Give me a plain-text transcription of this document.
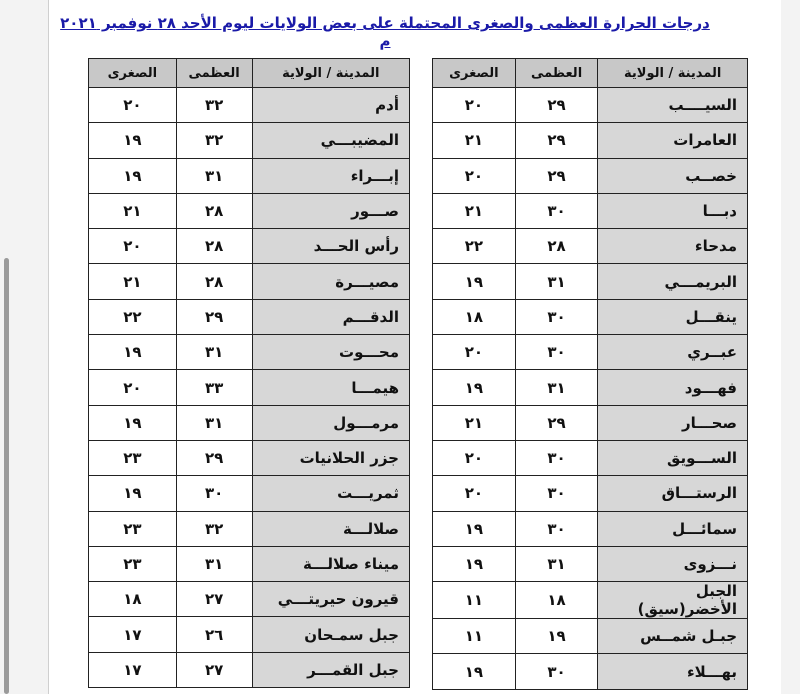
درجات الحرارة العظمى والصغرى المحتملة على بعض الولايات ليوم الأحد ٢٨ نوفمبر ٢٠٢١ م
المدينة / الولاية	العظمى	الصغرى
السيــــب	٢٩	٢٠
العامرات	٢٩	٢١
خصــب	٢٩	٢٠
دبـــا	٣٠	٢١
مدحاء	٢٨	٢٢
البريمـــي	٣١	١٩
ينقـــل	٣٠	١٨
عبــري	٣٠	٢٠
فهـــود	٣١	١٩
صحـــار	٢٩	٢١
الســـويق	٣٠	٢٠
الرستـــاق	٣٠	٢٠
سمائـــل	٣٠	١٩
نـــزوى	٣١	١٩
الجبل الأخضر(سيق)	١٨	١١
جبـل شمــس	١٩	١١
بهـــلاء	٣٠	١٩
المدينة / الولاية	العظمى	الصغرى
أدم	٣٢	٢٠
المضيبـــي	٣٢	١٩
إبـــراء	٣١	١٩
صـــور	٢٨	٢١
رأس الحـــد	٢٨	٢٠
مصيـــرة	٢٨	٢١
الدقـــم	٢٩	٢٢
محـــوت	٣١	١٩
هيمـــا	٣٣	٢٠
مرمـــول	٣١	١٩
جزر الحلانيات	٢٩	٢٣
ثمريـــت	٣٠	١٩
صلالـــة	٣٢	٢٣
ميناء صلالـــة	٣١	٢٣
قيرون حيريتـــي	٢٧	١٨
جبل سمـحان	٢٦	١٧
جبل القمـــر	٢٧	١٧
